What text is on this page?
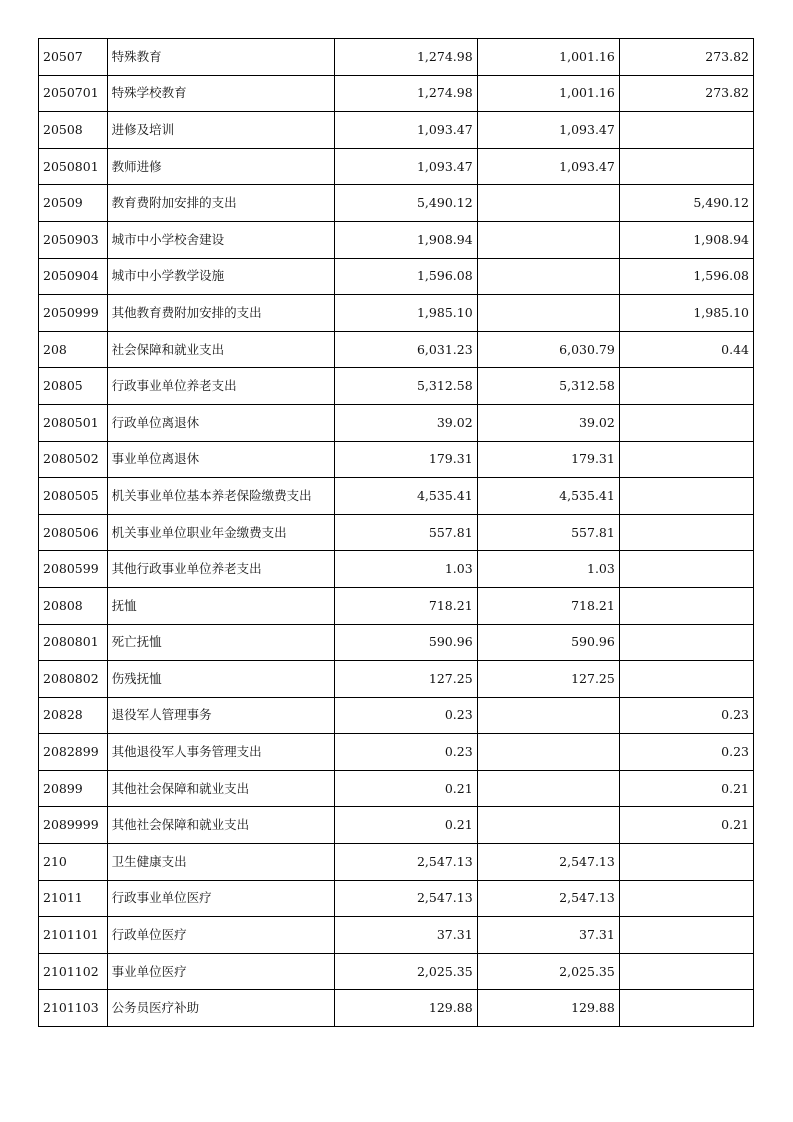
20507	特殊教育	1,274.98	1,001.16	273.82
2050701	特殊学校教育	1,274.98	1,001.16	273.82
20508	进修及培训	1,093.47	1,093.47	
2050801	教师进修	1,093.47	1,093.47	
20509	教育费附加安排的支出	5,490.12		5,490.12
2050903	城市中小学校舍建设	1,908.94		1,908.94
2050904	城市中小学教学设施	1,596.08		1,596.08
2050999	其他教育费附加安排的支出	1,985.10		1,985.10
208	社会保障和就业支出	6,031.23	6,030.79	0.44
20805	行政事业单位养老支出	5,312.58	5,312.58	
2080501	行政单位离退休	39.02	39.02	
2080502	事业单位离退休	179.31	179.31	
2080505	机关事业单位基本养老保险缴费支出	4,535.41	4,535.41	
2080506	机关事业单位职业年金缴费支出	557.81	557.81	
2080599	其他行政事业单位养老支出	1.03	1.03	
20808	抚恤	718.21	718.21	
2080801	死亡抚恤	590.96	590.96	
2080802	伤残抚恤	127.25	127.25	
20828	退役军人管理事务	0.23		0.23
2082899	其他退役军人事务管理支出	0.23		0.23
20899	其他社会保障和就业支出	0.21		0.21
2089999	其他社会保障和就业支出	0.21		0.21
210	卫生健康支出	2,547.13	2,547.13	
21011	行政事业单位医疗	2,547.13	2,547.13	
2101101	行政单位医疗	37.31	37.31	
2101102	事业单位医疗	2,025.35	2,025.35	
2101103	公务员医疗补助	129.88	129.88	
